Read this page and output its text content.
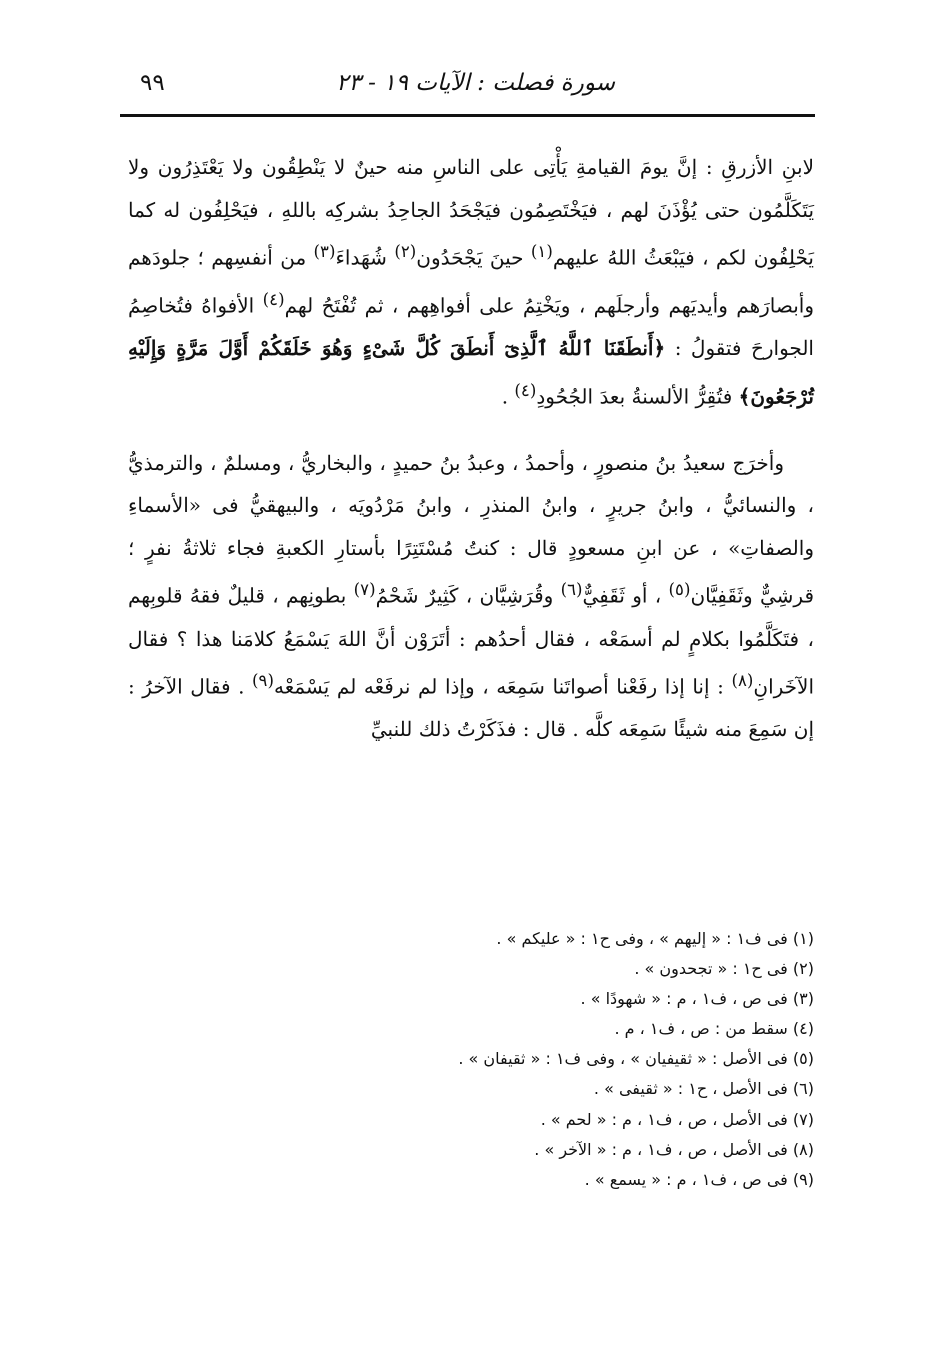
سورة فصلت : الآيات ١٩ - ٢٣
٩٩

لابنِ الأزرقِ : إنَّ يومَ القيامةِ يَأْتِى على الناسِ منه حينٌ لا يَنْطِقُون ولا يَعْتَذِرُون ولا يَتَكَلَّمُون حتى يُؤْذَنَ لهم ، فيَخْتَصِمُون فيَجْحَدُ الجاحِدُ بشركِه باللهِ ، فيَحْلِفُون له كما يَحْلِفُون لكم ، فيَبْعَثُ اللهُ عليهم$^{(١)}$ حينَ يَجْحَدُون$^{(٢)}$ شُهَداءَ$^{(٣)}$ من أنفسِهم ؛ جلودَهم وأبصارَهم وأيديَهم وأرجلَهم ، ويَخْتِمُ على أفواهِهم ، ثم تُفْتَحُ لهم$^{(٤)}$ الأفواهُ فتُخاصِمُ الجوارحَ فتقولُ : ﴿أَنطَقَنَا ٱللَّهُ ٱلَّذِىٓ أَنطَقَ كُلَّ شَىْءٍ وَهُوَ خَلَقَكُمْ أَوَّلَ مَرَّةٍ وَإِلَيْهِ تُرْجَعُونَ﴾ فتُقِرُّ الألسنةُ بعدَ الجُحُودِ$^{(٤)}$ .

وأخرَج سعيدُ بنُ منصورٍ ، وأحمدُ ، وعبدُ بنُ حميدٍ ، والبخاريُّ ، ومسلمٌ ، والترمذيُّ ، والنسائيُّ ، وابنُ جريرٍ ، وابنُ المنذرِ ، وابنُ مَرْدُويَه ، والبيهقيُّ فى «الأسماءِ والصفاتِ» ، عن ابنِ مسعودٍ قال : كنتُ مُسْتَتِرًا بأستارِ الكعبةِ فجاء ثلاثةُ نفرٍ ؛ قرشِيٌّ وثَقَفِيَّان$^{(٥)}$ ، أو ثَقَفِيٌّ$^{(٦)}$ وقُرَشِيَّان ، كَثِيرٌ شَحْمُ$^{(٧)}$ بطونِهم ، قليلٌ فقهُ قلوبِهم ، فتَكَلَّمُوا بكلامٍ لم أسمَعْه ، فقال أحدُهم : أتَرَوْن أنَّ اللهَ يَسْمَعُ كلامَنا هذا ؟ فقال الآخَرانِ$^{(٨)}$ : إنا إذا رفَعْنا أصواتَنا سَمِعَه ، وإذا لم نرفَعْه لم يَسْمَعْه$^{(٩)}$ . فقال الآخرُ : إن سَمِعَ منه شيئًا سَمِعَه كلَّه . قال : فذَكَرْتُ ذلك للنبيِّ

(١) فى ف١ : « إليهم » ، وفى ح١ : « عليكم » .
(٢) فى ح١ : « تجحدون » .
(٣) فى ص ، ف١ ، م : « شهودًا » .
(٤) سقط من : ص ، ف١ ، م .
(٥) فى الأصل : « ثقيفيان » ، وفى ف١ : « ثقيفان » .
(٦) فى الأصل ، ح١ : « ثقيفى » .
(٧) فى الأصل ، ص ، ف١ ، م : « لحم » .
(٨) فى الأصل ، ص ، ف١ ، م : « الآخر » .
(٩) فى ص ، ف١ ، م : « يسمع » .
